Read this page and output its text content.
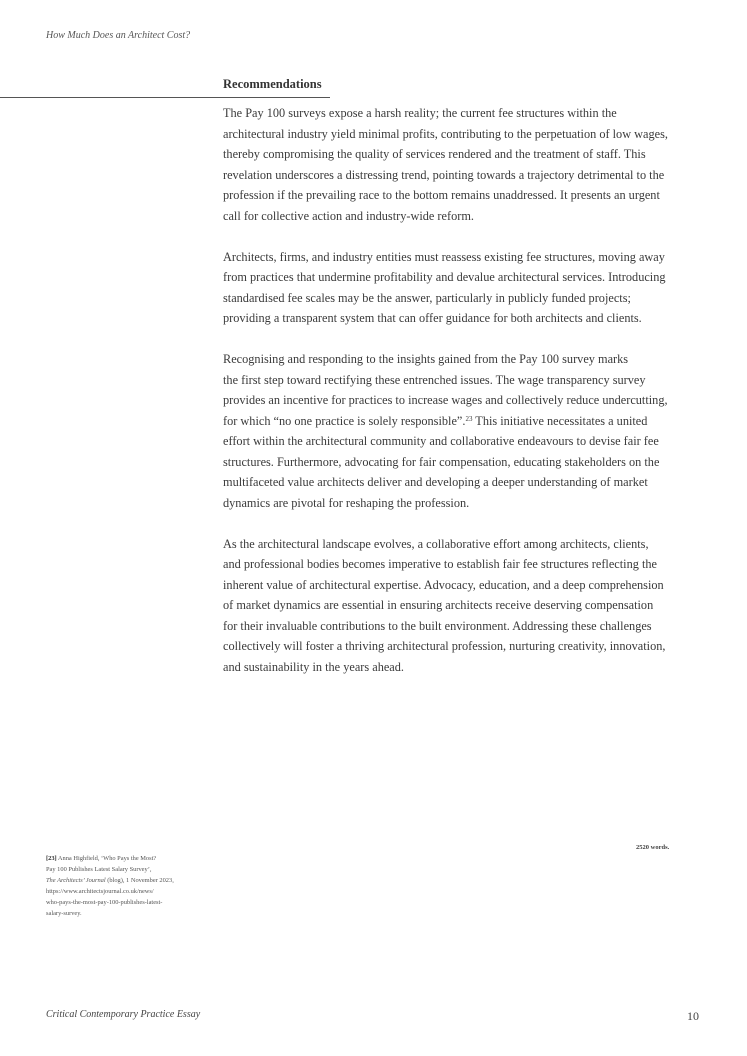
How Much Does an Architect Cost?
Recommendations

The Pay 100 surveys expose a harsh reality; the current fee structures within the
architectural industry yield minimal profits, contributing to the perpetuation of low wages,
thereby compromising the quality of services rendered and the treatment of staff. This
revelation underscores a distressing trend, pointing towards a trajectory detrimental to the
profession if the prevailing race to the bottom remains unaddressed. It presents an urgent
call for collective action and industry-wide reform.

Architects, firms, and industry entities must reassess existing fee structures, moving away
from practices that undermine profitability and devalue architectural services. Introducing
standardised fee scales may be the answer, particularly in publicly funded projects;
providing a transparent system that can offer guidance for both architects and clients.

Recognising and responding to the insights gained from the Pay 100 survey marks
the first step toward rectifying these entrenched issues. The wage transparency survey
provides an incentive for practices to increase wages and collectively reduce undercutting,
for which “no one practice is solely responsible”.$^{23}$ This initiative necessitates a united
effort within the architectural community and collaborative endeavours to devise fair fee
structures. Furthermore, advocating for fair compensation, educating stakeholders on the
multifaceted value architects deliver and developing a deeper understanding of market
dynamics are pivotal for reshaping the profession.

As the architectural landscape evolves, a collaborative effort among architects, clients,
and professional bodies becomes imperative to establish fair fee structures reflecting the
inherent value of architectural expertise. Advocacy, education, and a deep comprehension
of market dynamics are essential in ensuring architects receive deserving compensation
for their invaluable contributions to the built environment. Addressing these challenges
collectively will foster a thriving architectural profession, nurturing creativity, innovation,
and sustainability in the years ahead.

2520 words.
[23] Anna Highfield, ‘Who Pays the Most?
Pay 100 Publishes Latest Salary Survey’,
The Architects’ Journal (blog), 1 November 2023,
https://www.architectsjournal.co.uk/news/
who-pays-the-most-pay-100-publishes-latest-
salary-survey.
Critical Contemporary Practice Essay	10
